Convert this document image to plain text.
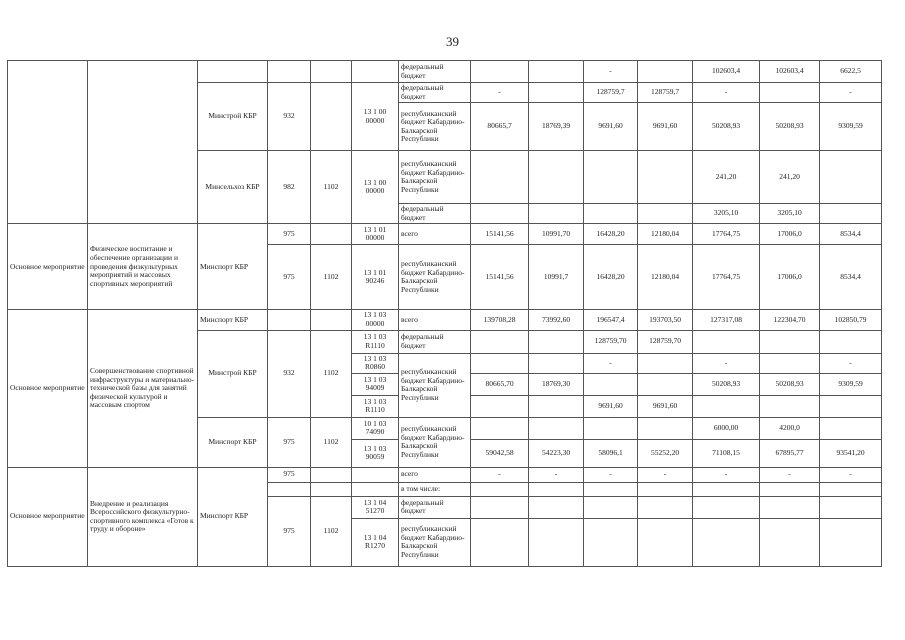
39
						федеральный бюджет			-		102603,4	102603,4	6622,5
		Минстрой КБР	932		13 1 00 00000	федеральный бюджет	-		128759,7	128759,7	-		-
						республиканский бюджет Кабардино-Балкарской Республики	80665,7	18769,39	9691,60	9691,60	50208,93	50208,93	9309,59
		Минсельхоз КБР	982	1102	13 1 00 00000	республиканский бюджет Кабардино-Балкарской Республики					241,20	241,20	
						федеральный бюджет					3205,10	3205,10	
Основное мероприятие	Физическое воспитание и обеспечение организации и проведения физкультурных мероприятий и массовых спортивных мероприятий	Минспорт КБР	975		13 1 01 00000	всего	15141,56	10991,70	16428,20	12180,04	17764,75	17006,0	8534,4
			975	1102	13 1 01 90246	республиканский бюджет Кабардино-Балкарской Республики	15141,56	10991,7	16428,20	12180,04	17764,75	17006,0	8534,4
Основное мероприятие	Совершенствование спортивной инфраструктуры и материально-технической базы для занятий физической культурой и массовым спортом	Минспорт КБР			13 1 03 00000	всего	139708,28	73992,60	196547,4	193703,50	127317,08	122304,70	102850,79
		Минстрой КБР	932	1102	13 1 03 R1110	федеральный бюджет			128759,70	128759,70			
					13 1 03 R0860	республиканский бюджет Кабардино-Балкарской Республики			-		-		-
					13 1 03 94009		80665,70	18769,30			50208,93	50208,93	9309,59
					13 1 03 R1110				9691,60	9691,60			
		Минспорт КБР	975	1102	10 1 03 74090	республиканский бюджет Кабардино-Балкарской Республики					6000,00	4200,0	
					13 1 03 90059		59042,58	54223,30	58096,1	55252,20	71108,15	67895,77	93541,20
Основное мероприятие	Внедрение и реализация Всероссийского физкультурно-спортивного комплекса «Готов к труду и обороне»	Минспорт КБР	975			всего	-	-	-	-	-	-	-
						в том числе:							
			975	1102	13 1 04 51270	федеральный бюджет							
					13 1 04 R1270	республиканский бюджет Кабардино-Балкарской Республики							
